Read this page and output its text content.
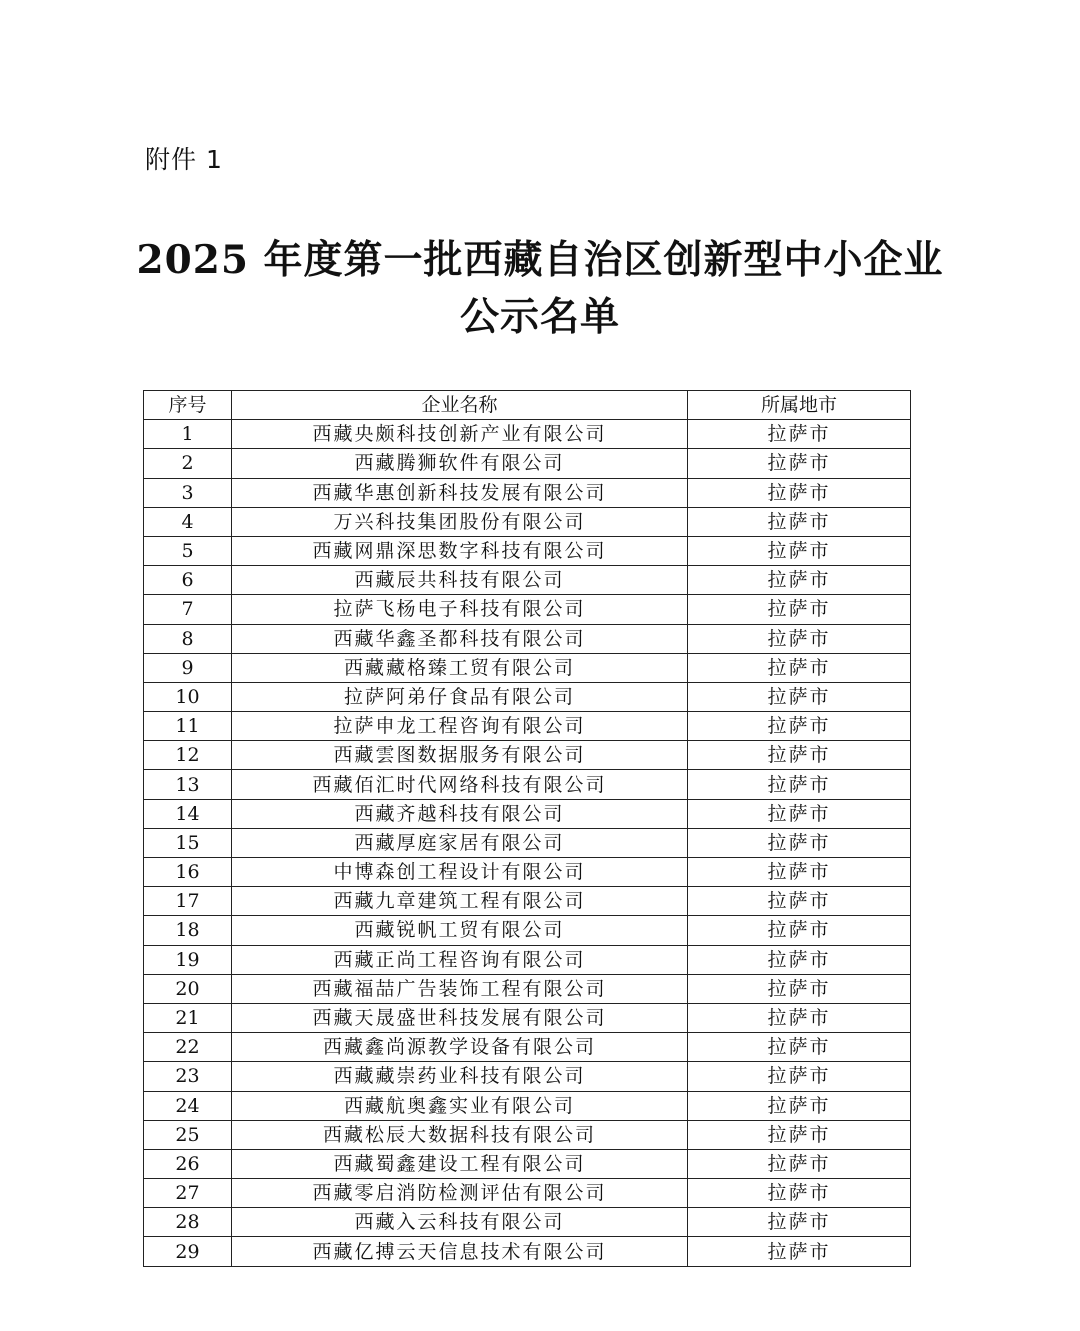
附件 1
2025 年度第一批西藏自治区创新型中小企业
公示名单
序号	企业名称	所属地市
1	西藏央颇科技创新产业有限公司	拉萨市
2	西藏腾狮软件有限公司	拉萨市
3	西藏华惠创新科技发展有限公司	拉萨市
4	万兴科技集团股份有限公司	拉萨市
5	西藏网鼎深思数字科技有限公司	拉萨市
6	西藏辰共科技有限公司	拉萨市
7	拉萨飞杨电子科技有限公司	拉萨市
8	西藏华鑫圣都科技有限公司	拉萨市
9	西藏藏格臻工贸有限公司	拉萨市
10	拉萨阿弟仔食品有限公司	拉萨市
11	拉萨申龙工程咨询有限公司	拉萨市
12	西藏雲图数据服务有限公司	拉萨市
13	西藏佰汇时代网络科技有限公司	拉萨市
14	西藏齐越科技有限公司	拉萨市
15	西藏厚庭家居有限公司	拉萨市
16	中博森创工程设计有限公司	拉萨市
17	西藏九章建筑工程有限公司	拉萨市
18	西藏锐帆工贸有限公司	拉萨市
19	西藏正尚工程咨询有限公司	拉萨市
20	西藏福喆广告装饰工程有限公司	拉萨市
21	西藏天晟盛世科技发展有限公司	拉萨市
22	西藏鑫尚源教学设备有限公司	拉萨市
23	西藏藏崇药业科技有限公司	拉萨市
24	西藏航奥鑫实业有限公司	拉萨市
25	西藏松辰大数据科技有限公司	拉萨市
26	西藏蜀鑫建设工程有限公司	拉萨市
27	西藏零启消防检测评估有限公司	拉萨市
28	西藏入云科技有限公司	拉萨市
29	西藏亿搏云天信息技术有限公司	拉萨市
